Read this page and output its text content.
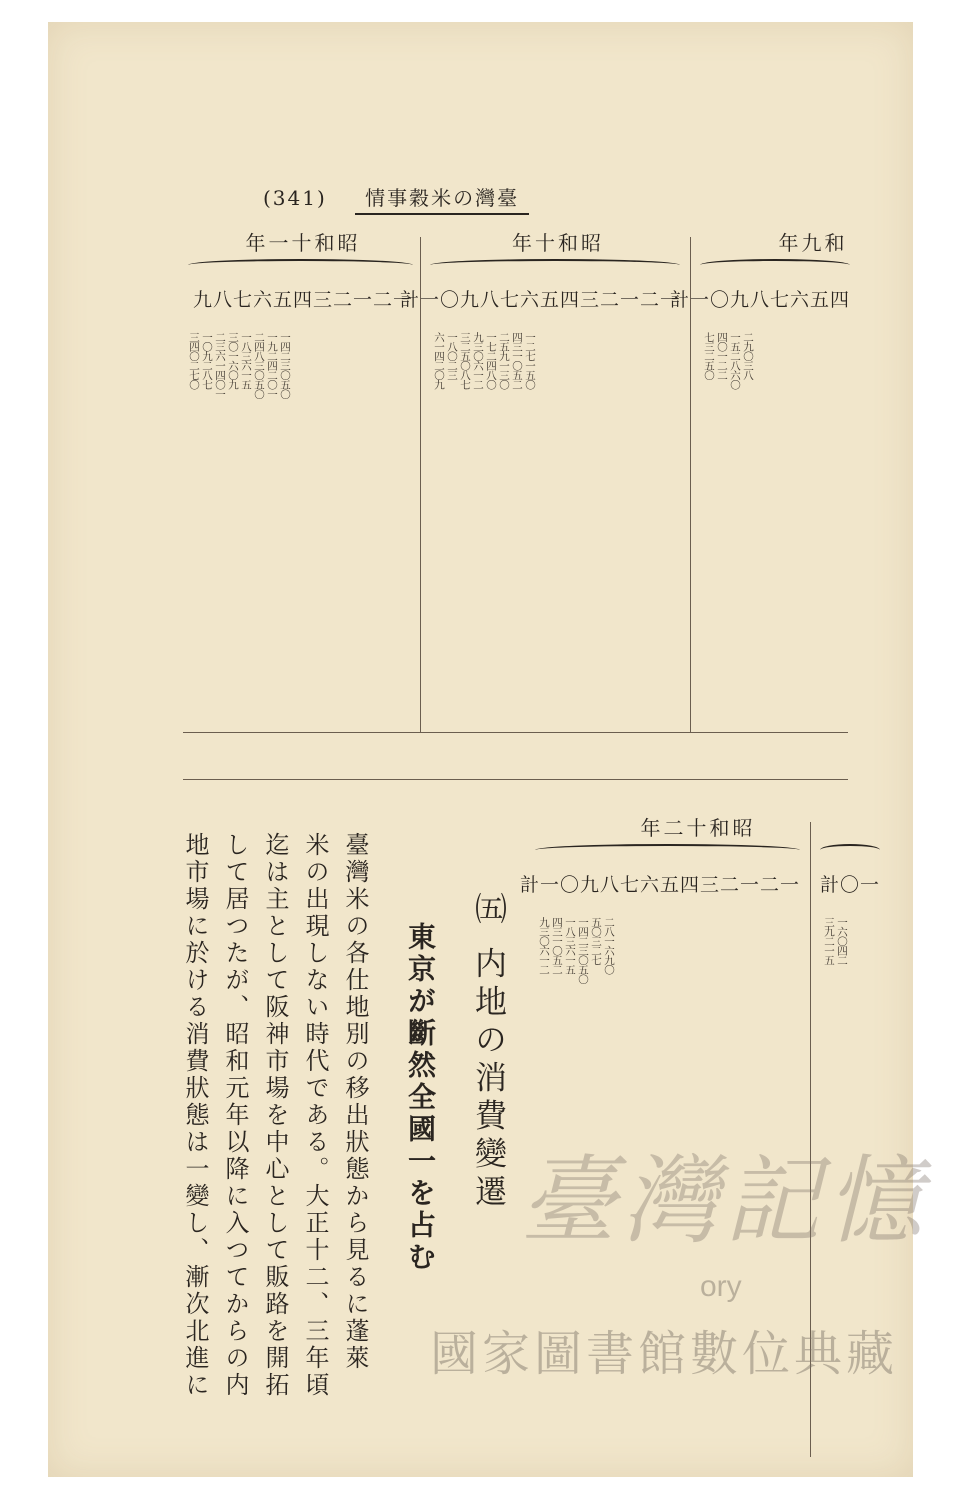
(341) 情事穀米の灣臺
年一十和昭
一二一二三四五六七八九
一四二三〇五〇
一九二四二〇一
二四八三〇五〇
一八三六一五
三〇一六〇九
二三六一四〇一
一〇九二八七
三四〇二七〇
年十和昭
一二一二三四五六七八九〇一計
一二七一五〇
四三一〇五二
二五九一三〇
一七二四八〇
九三〇六一二
三二五〇八七
一八〇二三
六一四二〇九
年九和
四五六七八九〇一計
二九〇三八
一五二八六〇
四〇一二二
七三二五〇
年二十和昭
一二一二三四五六七八九〇一計 一〇計
二八一六九〇
五〇三二七
一四二三〇五〇
一八三六一五
四三一〇五二
九三〇六一二	一六〇四二
三九二一五
㈤ 内地の消費變遷
東京が斷然全國一を占む
臺灣米の各仕地別の移出狀態から見るに蓬萊
米の出現しない時代である。大正十二、三年頃
迄は主として阪神市場を中心として販路を開拓
して居つたが、昭和元年以降に入つてからの内
地市場に於ける消費狀態は一變し、漸次北進に	臺灣記憶
ory
國家圖書館數位典藏
